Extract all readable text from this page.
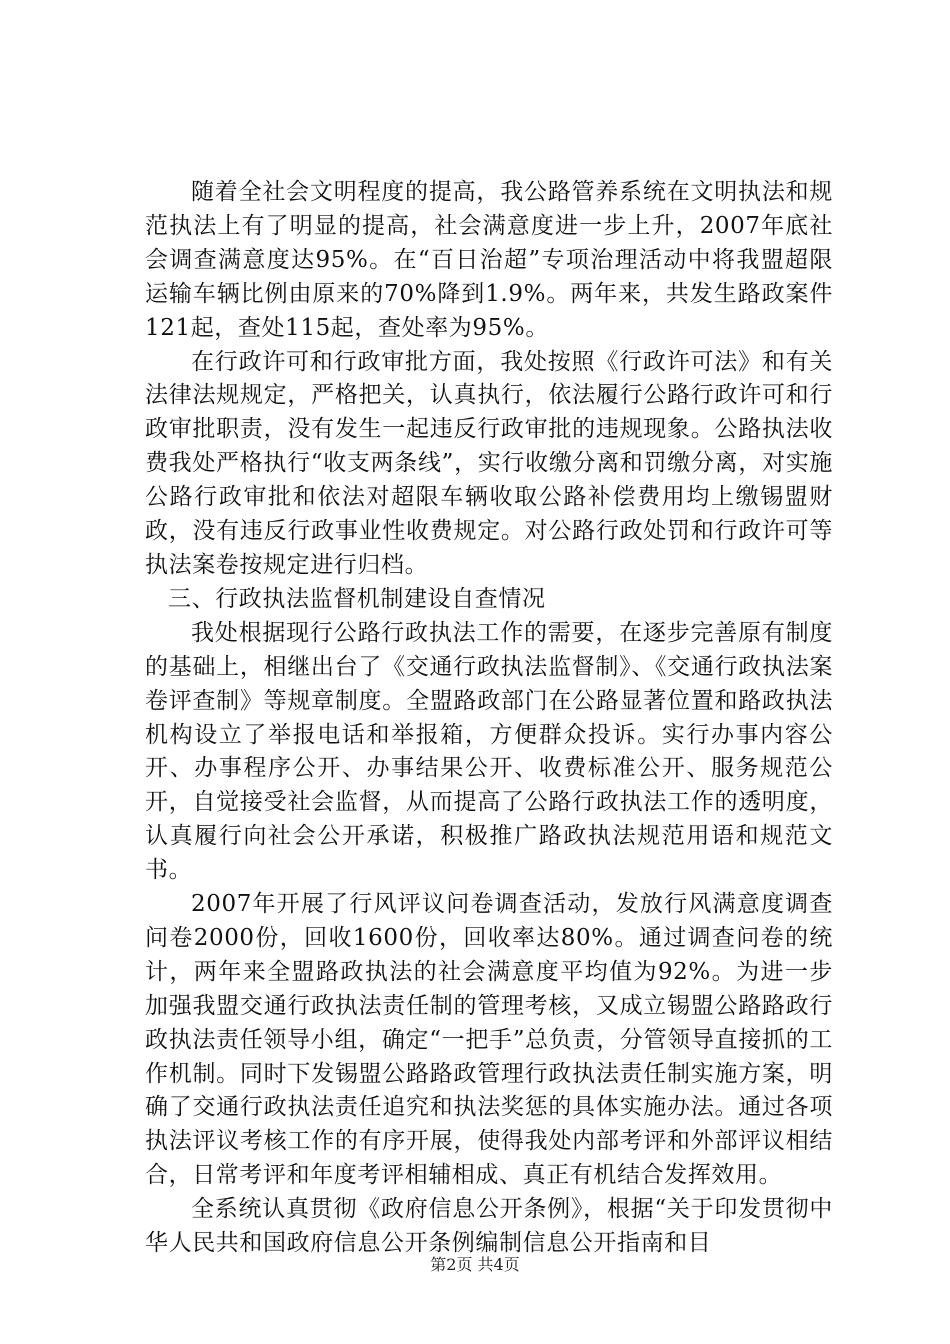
随着全社会文明程度的提高，我公路管养系统在文明执法和规范执法上有了明显的提高，社会满意度进一步上升，2007年底社会调查满意度达95%。在“百日治超”专项治理活动中将我盟超限运输车辆比例由原来的70%降到1.9%。两年来，共发生路政案件121起，查处115起，查处率为95%。

在行政许可和行政审批方面，我处按照《行政许可法》和有关法律法规规定，严格把关，认真执行，依法履行公路行政许可和行政审批职责，没有发生一起违反行政审批的违规现象。公路执法收费我处严格执行“收支两条线”，实行收缴分离和罚缴分离，对实施公路行政审批和依法对超限车辆收取公路补偿费用均上缴锡盟财政，没有违反行政事业性收费规定。对公路行政处罚和行政许可等执法案卷按规定进行归档。

三、行政执法监督机制建设自查情况

我处根据现行公路行政执法工作的需要，在逐步完善原有制度的基础上，相继出台了《交通行政执法监督制》、《交通行政执法案卷评查制》等规章制度。全盟路政部门在公路显著位置和路政执法机构设立了举报电话和举报箱，方便群众投诉。实行办事内容公开、办事程序公开、办事结果公开、收费标准公开、服务规范公开，自觉接受社会监督，从而提高了公路行政执法工作的透明度，认真履行向社会公开承诺，积极推广路政执法规范用语和规范文书。

2007年开展了行风评议问卷调查活动，发放行风满意度调查问卷2000份，回收1600份，回收率达80%。通过调查问卷的统计，两年来全盟路政执法的社会满意度平均值为92%。为进一步加强我盟交通行政执法责任制的管理考核，又成立锡盟公路路政行政执法责任领导小组，确定“一把手”总负责，分管领导直接抓的工作机制。同时下发锡盟公路路政管理行政执法责任制实施方案，明确了交通行政执法责任追究和执法奖惩的具体实施办法。通过各项执法评议考核工作的有序开展，使得我处内部考评和外部评议相结合，日常考评和年度考评相辅相成、真正有机结合发挥效用。

全系统认真贯彻《政府信息公开条例》，根据“关于印发贯彻中华人民共和国政府信息公开条例编制信息公开指南和目

第2页 共4页
